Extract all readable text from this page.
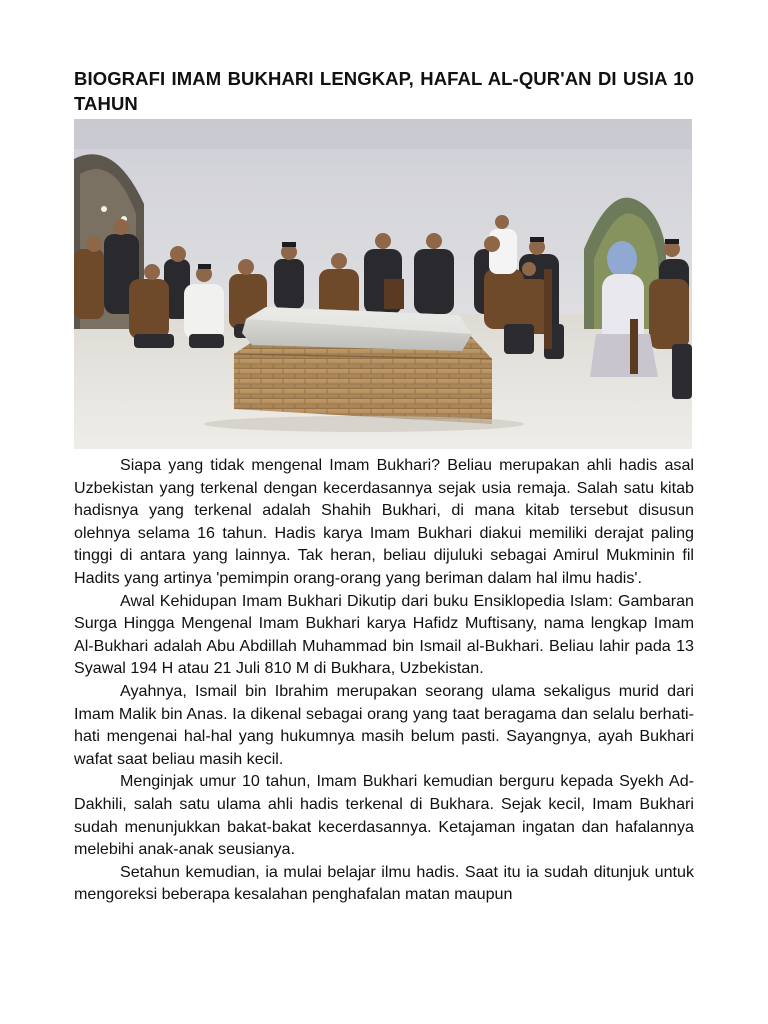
BIOGRAFI IMAM BUKHARI LENGKAP, HAFAL AL-QUR'AN DI USIA 10 TAHUN

Siapa yang tidak mengenal Imam Bukhari? Beliau merupakan ahli hadis asal Uzbekistan yang terkenal dengan kecerdasannya sejak usia remaja. Salah satu kitab hadisnya yang terkenal adalah Shahih Bukhari, di mana kitab tersebut disusun olehnya selama 16 tahun. Hadis karya Imam Bukhari diakui memiliki derajat paling tinggi di antara yang lainnya. Tak heran, beliau dijuluki sebagai Amirul Mukminin fil Hadits yang artinya 'pemimpin orang-orang yang beriman dalam hal ilmu hadis'.

Awal Kehidupan Imam Bukhari Dikutip dari buku Ensiklopedia Islam: Gambaran Surga Hingga Mengenal Imam Bukhari karya Hafidz Muftisany, nama lengkap Imam Al-Bukhari adalah Abu Abdillah Muhammad bin Ismail al-Bukhari. Beliau lahir pada 13 Syawal 194 H atau 21 Juli 810 M di Bukhara, Uzbekistan.

Ayahnya, Ismail bin Ibrahim merupakan seorang ulama sekaligus murid dari Imam Malik bin Anas. Ia dikenal sebagai orang yang taat beragama dan selalu berhati-hati mengenai hal-hal yang hukumnya masih belum pasti. Sayangnya, ayah Bukhari wafat saat beliau masih kecil.

Menginjak umur 10 tahun, Imam Bukhari kemudian berguru kepada Syekh Ad-Dakhili, salah satu ulama ahli hadis terkenal di Bukhara. Sejak kecil, Imam Bukhari sudah menunjukkan bakat-bakat kecerdasannya. Ketajaman ingatan dan hafalannya melebihi anak-anak seusianya.

Setahun kemudian, ia mulai belajar ilmu hadis. Saat itu ia sudah ditunjuk untuk mengoreksi beberapa kesalahan penghafalan matan maupun
